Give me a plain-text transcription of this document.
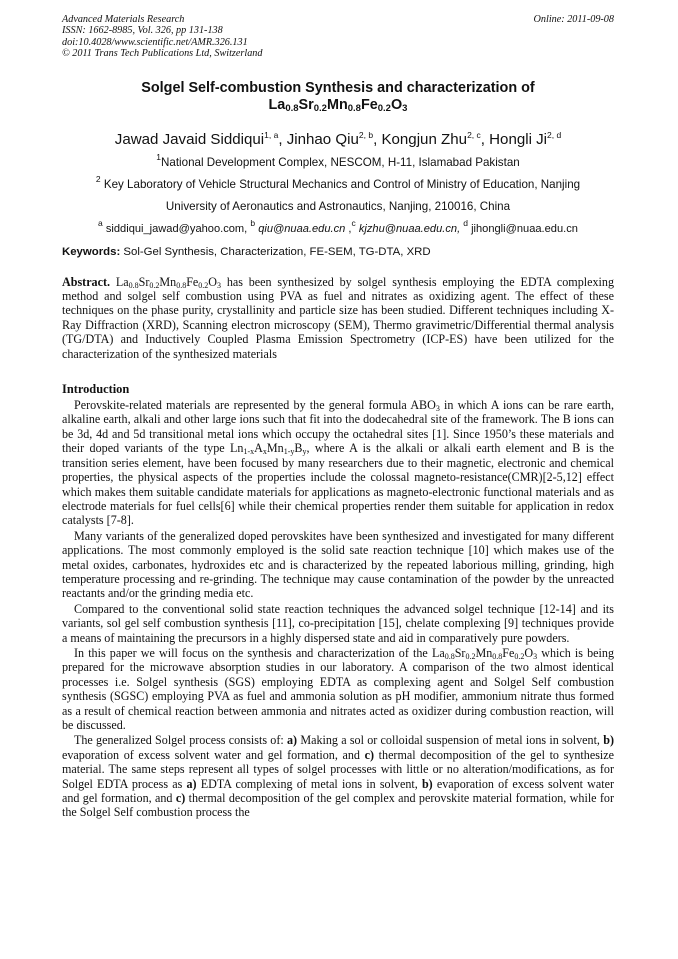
Advanced Materials Research
ISSN: 1662-8985, Vol. 326, pp 131-138
doi:10.4028/www.scientific.net/AMR.326.131
© 2011 Trans Tech Publications Ltd, Switzerland
Online: 2011-09-08
Solgel Self-combustion Synthesis and characterization of
$La_{0.8}Sr_{0.2}Mn_{0.8}Fe_{0.2}O_3$
Jawad Javaid Siddiqui$^{1, a}$, Jinhao Qiu$^{2, b}$, Kongjun Zhu$^{2, c}$, Hongli Ji$^{2, d}$
$^1$National Development Complex, NESCOM, H-11, Islamabad Pakistan
$^2$ Key Laboratory of Vehicle Structural Mechanics and Control of Ministry of Education, Nanjing
University of Aeronautics and Astronautics, Nanjing, 210016, China
$^a$ siddiqui_jawad@yahoo.com, $^b$ qiu@nuaa.edu.cn ,$^c$ kjzhu@nuaa.edu.cn, $^d$ jihongli@nuaa.edu.cn
Keywords: Sol-Gel Synthesis, Characterization, FE-SEM, TG-DTA, XRD
Abstract. $La_{0.8}Sr_{0.2}Mn_{0.8}Fe_{0.2}O_3$ has been synthesized by solgel synthesis employing the EDTA complexing method and solgel self combustion using PVA as fuel and nitrates as oxidizing agent. The effect of these techniques on the phase purity, crystallinity and particle size has been studied. Different techniques including X-Ray Diffraction (XRD), Scanning electron microscopy (SEM), Thermo gravimetric/Differential thermal analysis (TG/DTA) and Inductively Coupled Plasma Emission Spectrometry (ICP-ES) have been utilized for the characterization of the synthesized materials
Introduction

Perovskite-related materials are represented by the general formula $ABO_3$ in which A ions can be rare earth, alkaline earth, alkali and other large ions such that fit into the dodecahedral site of the framework. The B ions can be 3d, 4d and 5d transitional metal ions which occupy the octahedral sites [1]. Since 1950’s these materials and their doped variants of the type $Ln_{1-x}A_xMn_{1-y}B_y$, where A is the alkali or alkali earth element and B is the transition series element, have been focused by many researchers due to their magnetic, electronic and chemical properties, the physical aspects of the properties include the colossal magneto-resistance(CMR)[2-5,12] effect which makes them suitable candidate materials for applications as magneto-electronic functional materials and as electrode materials for fuel cells[6] while their chemical properties render them suitable for application in redox catalysts [7-8].

Many variants of the generalized doped perovskites have been synthesized and investigated for many different applications. The most commonly employed is the solid sate reaction technique [10] which makes use of the metal oxides, carbonates, hydroxides etc and is characterized by the repeated laborious milling, grinding, high temperature processing and re-grinding. The technique may cause contamination of the powder by the unreacted reactants and/or the grinding media etc.

Compared to the conventional solid state reaction techniques the advanced solgel technique [12-14] and its variants, sol gel self combustion synthesis [11], co-precipitation [15], chelate complexing [9] techniques provide a means of maintaining the precursors in a highly dispersed state and aid in comparatively pure powders.

In this paper we will focus on the synthesis and characterization of the $La_{0.8}Sr_{0.2}Mn_{0.8}Fe_{0.2}O_3$ which is being prepared for the microwave absorption studies in our laboratory. A comparison of the two almost identical processes i.e. Solgel synthesis (SGS) employing EDTA as complexing agent and Solgel Self combustion synthesis (SGSC) employing PVA as fuel and ammonia solution as pH modifier, ammonium nitrate thus formed as a result of chemical reaction between ammonia and nitrates acted as oxidizer during combustion reaction, will be discussed.

The generalized Solgel process consists of: a) Making a sol or colloidal suspension of metal ions in solvent, b) evaporation of excess solvent water and gel formation, and c) thermal decomposition of the gel to synthesize material. The same steps represent all types of solgel processes with little or no alteration/modifications, as for Solgel EDTA process as a) EDTA complexing of metal ions in solvent, b) evaporation of excess solvent water and gel formation, and c) thermal decomposition of the gel complex and perovskite material formation, while for the Solgel Self combustion process the
